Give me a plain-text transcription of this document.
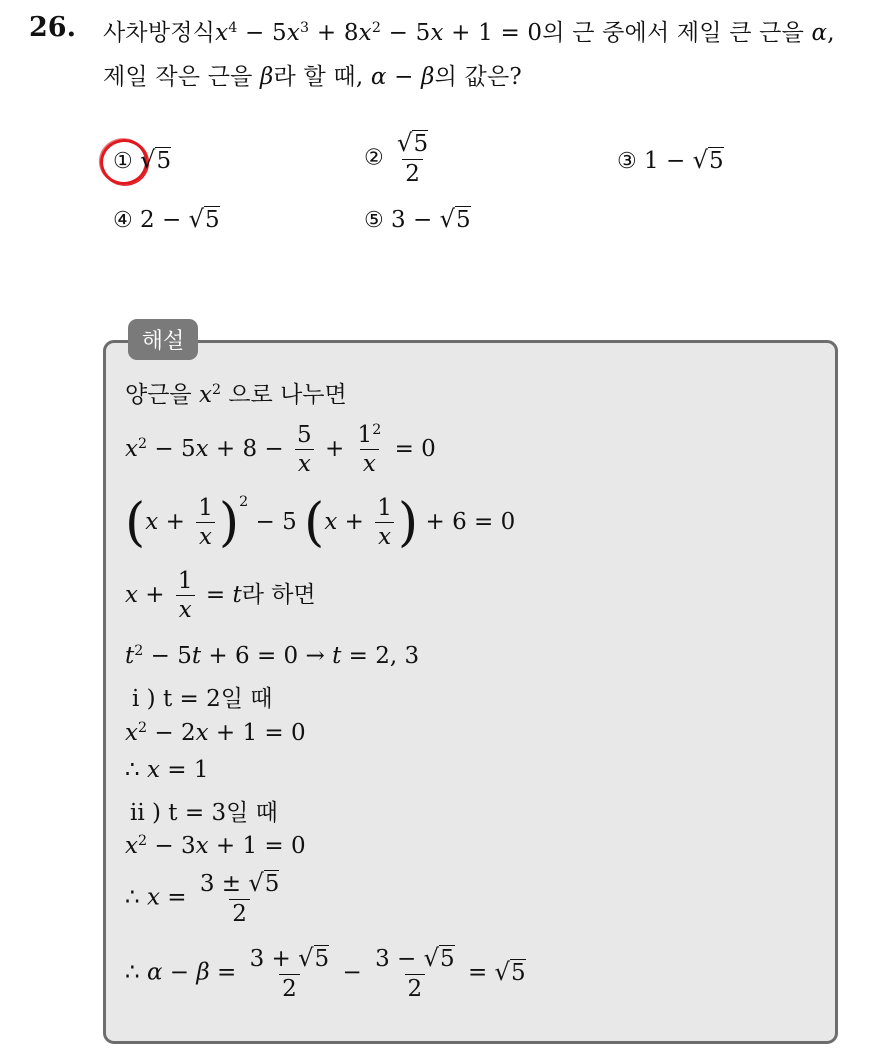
26. 사차방정식$x^4 - 5x^3 + 8x^2 - 5x + 1 = 0$의 근 중에서 제일 큰 근을 α,
제일 작은 근을 β라 할 때, α − β의 값은?
① √5	② $\frac{√5}{2}$	③ 1 − √5
④ 2 − √5	⑤ 3 − √5
해설
양근을 $x^2$ 으로 나누면
$x^2 - 5x + 8 - \frac{5}{x} + \frac{1^2}{x} = 0$
$(x + \frac{1}{x} )^2 - 5$ ($x + \frac{1}{x}$ ) + 6 = 0
$x + \frac{1}{x} = t$라 하면
$t^2 - 5t + 6 = 0 \to t = 2$, 3
i ) t = 2일 때
$x^2 - 2x + 1 = 0$
∴ x = 1
ii ) t = 3일 때
$x^2 - 3x + 1 = 0$
∴ $x = \frac{3 \pm √5}{2}$
∴ $\alpha - \beta = \frac{3 + √5}{2} - \frac{3 - √5}{2} = √5$
